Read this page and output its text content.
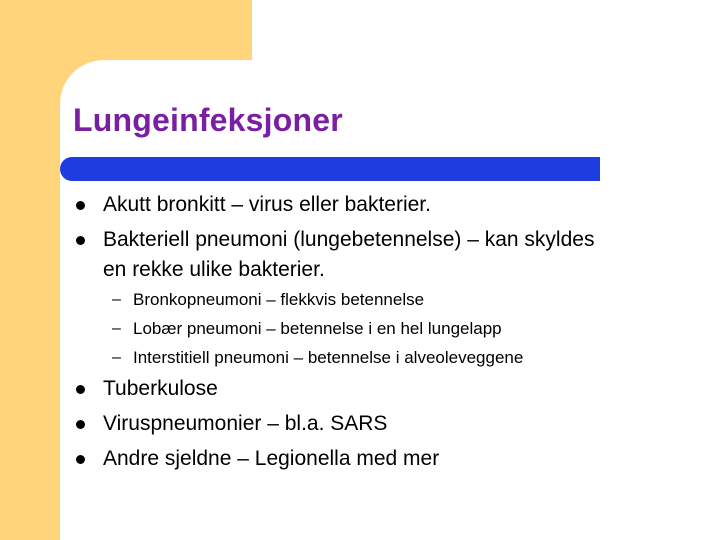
Lungeinfeksjoner
Akutt bronkitt – virus eller bakterier.
Bakteriell pneumoni (lungebetennelse) – kan skyldes
en rekke ulike bakterier.
– Bronkopneumoni – flekkvis betennelse
– Lobær pneumoni – betennelse i en hel lungelapp
– Interstitiell pneumoni – betennelse i alveoleveggene
Tuberkulose
Viruspneumonier – bl.a. SARS
Andre sjeldne – Legionella med mer
